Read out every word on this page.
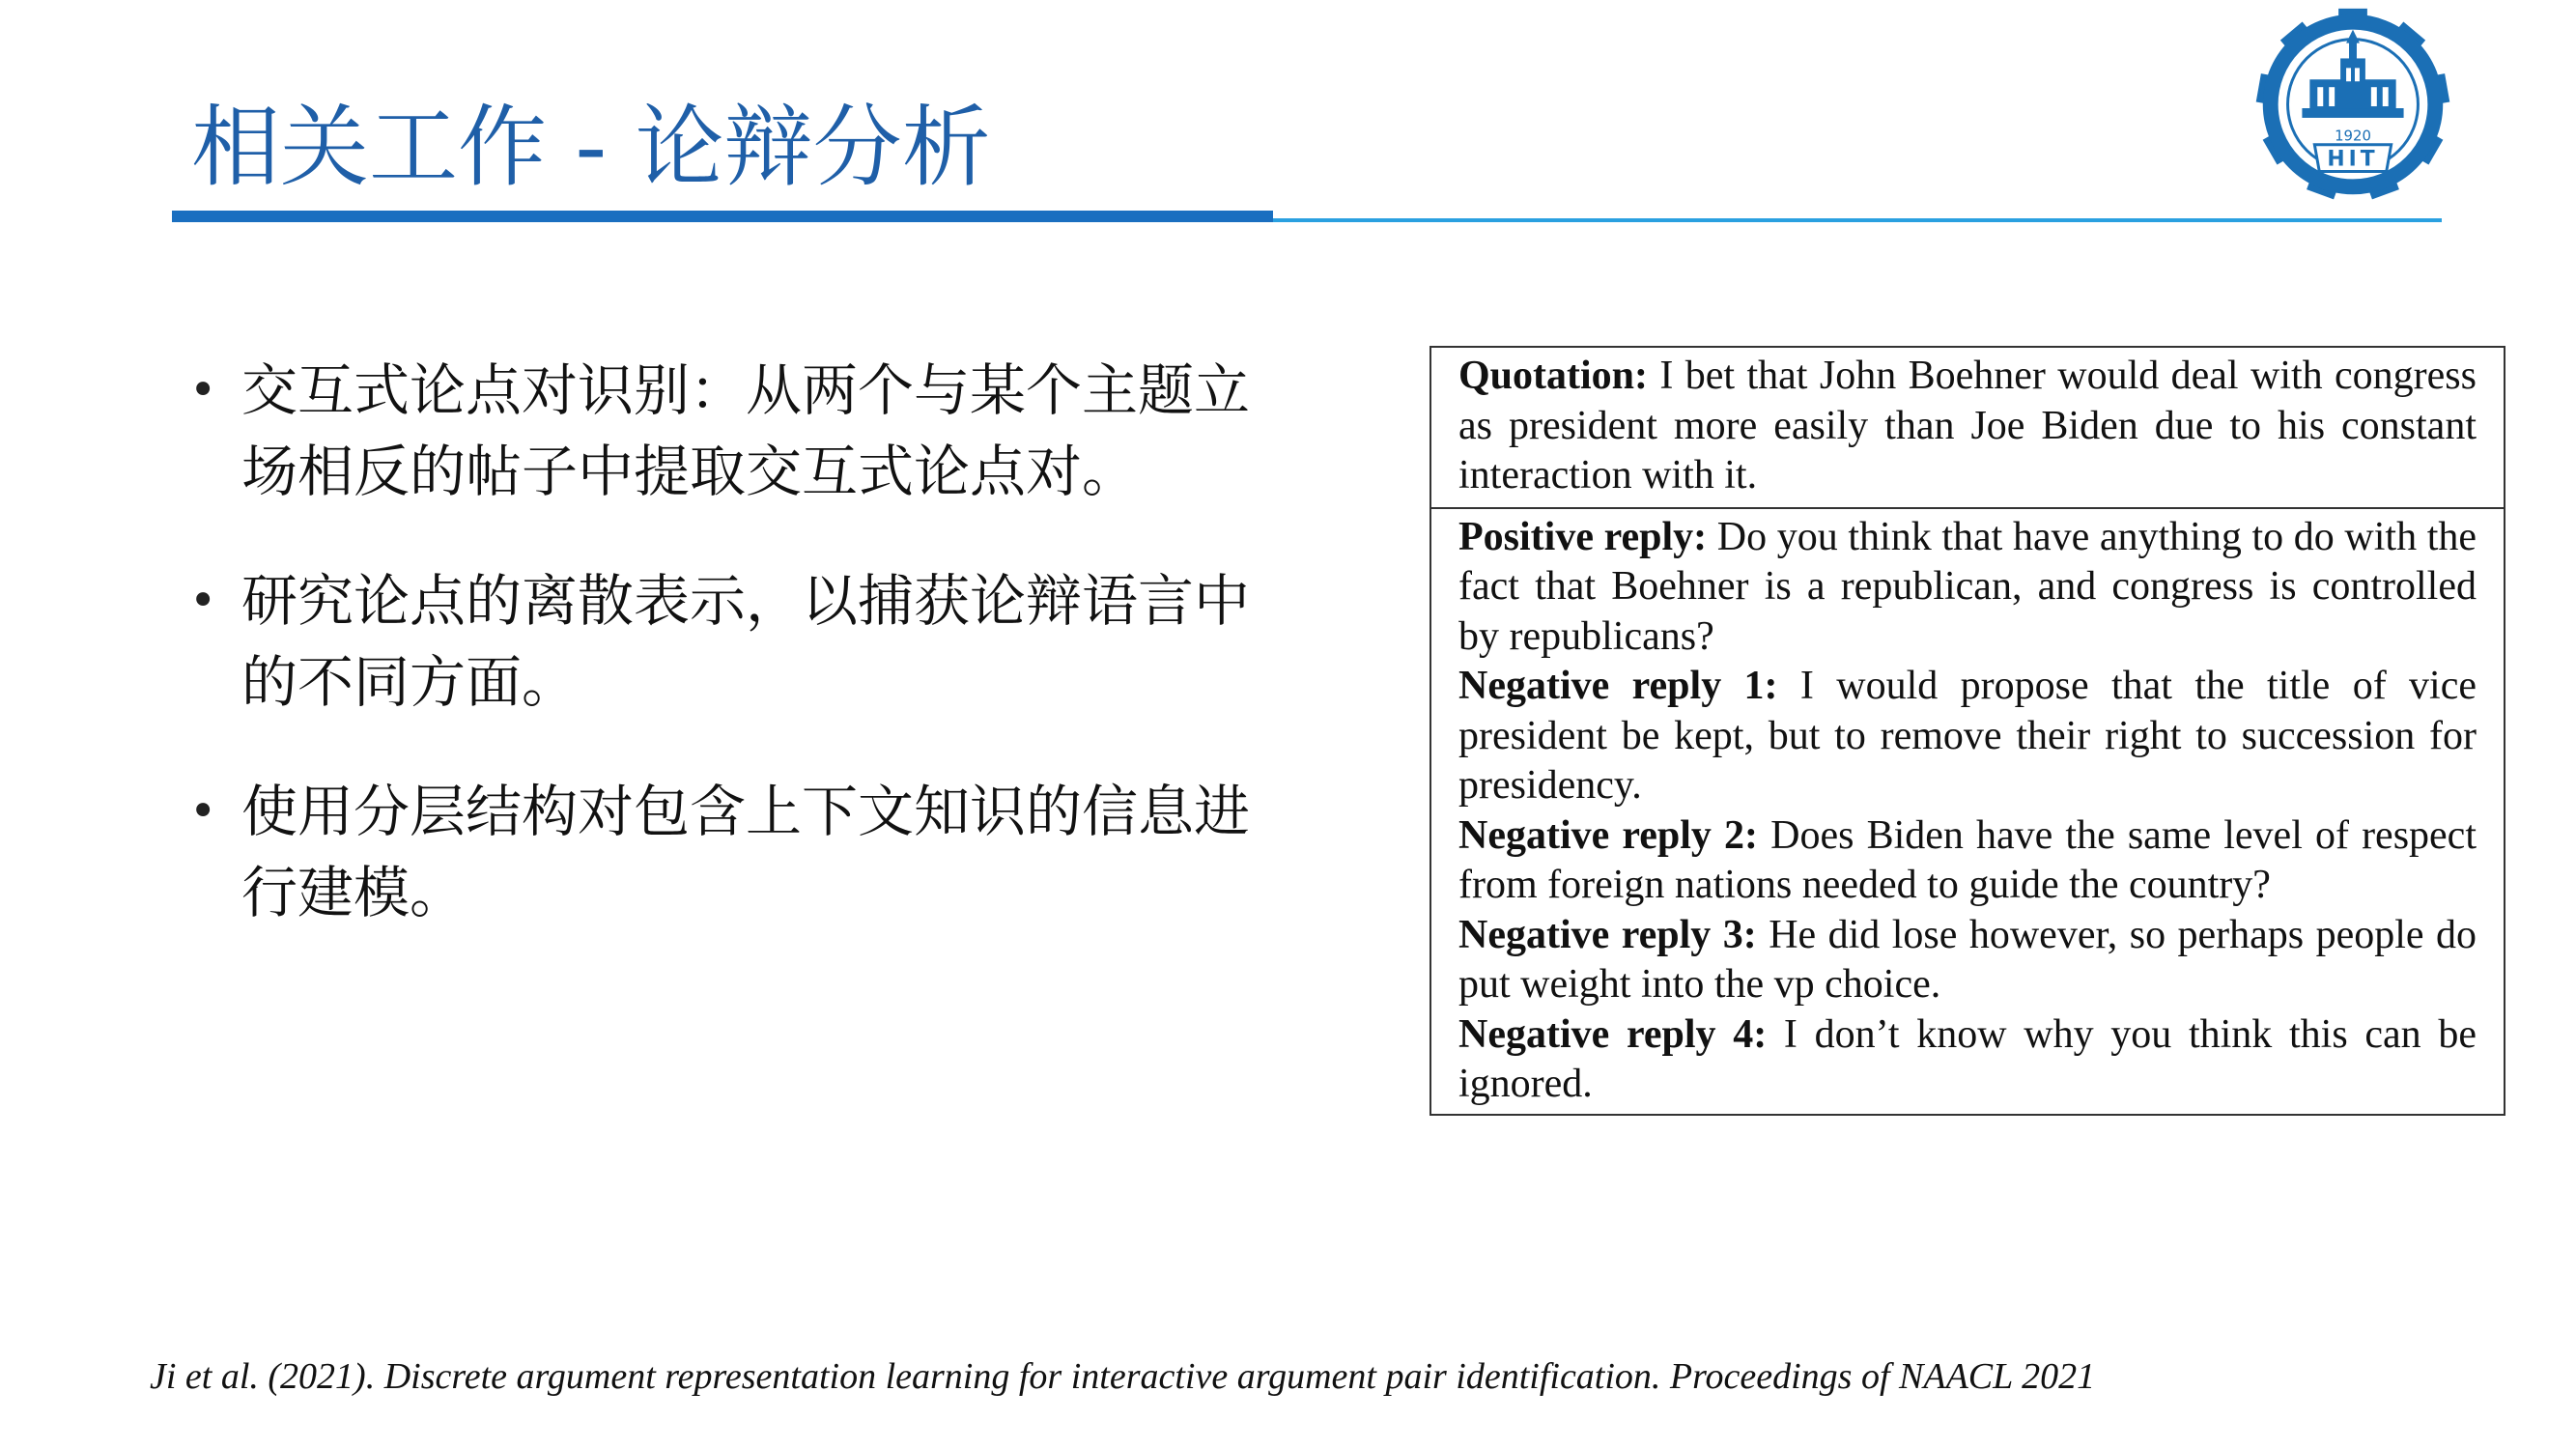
相关工作 - 论辩分析	1920
HIT
• 交互式论点对识别：从两个与某个主题立场相反的帖子中提取交互式论点对。
• 研究论点的离散表示，以捕获论辩语言中的不同方面。
• 使用分层结构对包含上下文知识的信息进行建模。

Quotation: I bet that John Boehner would deal with congress as president more easily than Joe Biden due to his constant interaction with it.

Positive reply: Do you think that have anything to do with the fact that Boehner is a republican, and congress is controlled by republicans?

Negative reply 1: I would propose that the title of vice president be kept, but to remove their right to succession for presidency.

Negative reply 2: Does Biden have the same level of respect from foreign nations needed to guide the country?

Negative reply 3: He did lose however, so perhaps people do put weight into the vp choice.

Negative reply 4: I don’t know why you think this can be ignored.

Ji et al. (2021). Discrete argument representation learning for interactive argument pair identification. Proceedings of NAACL 2021
